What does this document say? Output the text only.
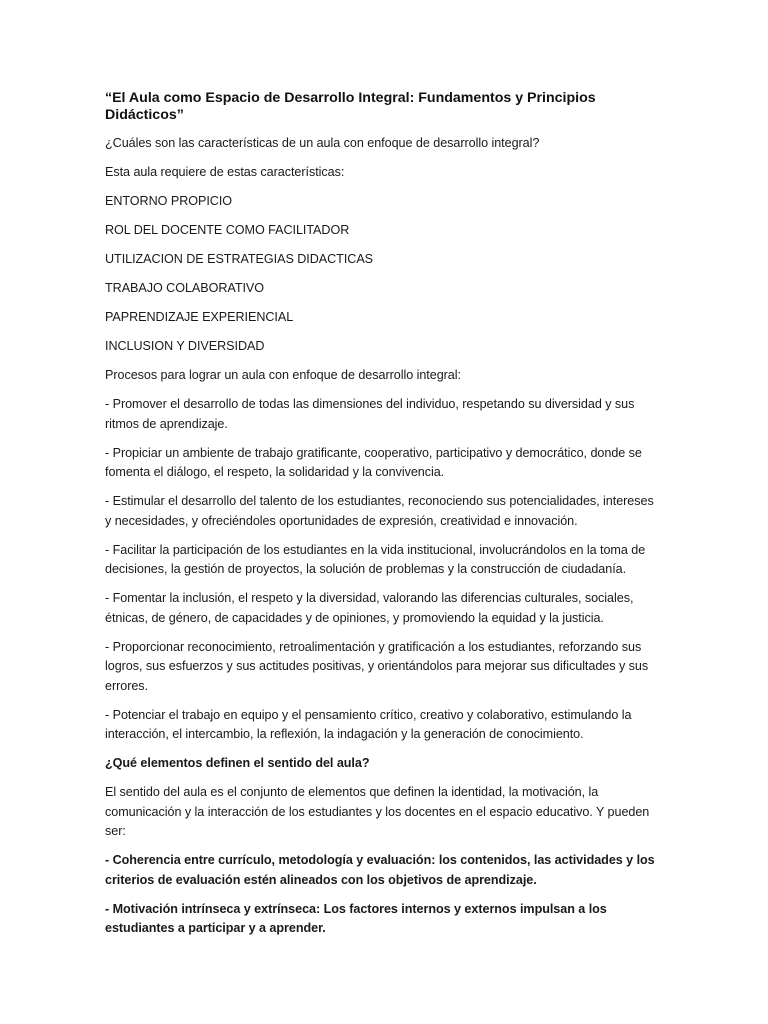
“El Aula como Espacio de Desarrollo Integral: Fundamentos y Principios Didácticos”

¿Cuáles son las características de un aula con enfoque de desarrollo integral?

Esta aula requiere de estas características:

ENTORNO PROPICIO

ROL DEL DOCENTE COMO FACILITADOR

UTILIZACION DE ESTRATEGIAS DIDACTICAS

TRABAJO COLABORATIVO

PAPRENDIZAJE EXPERIENCIAL

INCLUSION Y DIVERSIDAD

Procesos para lograr un aula con enfoque de desarrollo integral:

- Promover el desarrollo de todas las dimensiones del individuo, respetando su diversidad y sus ritmos de aprendizaje.

- Propiciar un ambiente de trabajo gratificante, cooperativo, participativo y democrático, donde se fomenta el diálogo, el respeto, la solidaridad y la convivencia.

- Estimular el desarrollo del talento de los estudiantes, reconociendo sus potencialidades, intereses y necesidades, y ofreciéndoles oportunidades de expresión, creatividad e innovación.

- Facilitar la participación de los estudiantes en la vida institucional, involucrándolos en la toma de decisiones, la gestión de proyectos, la solución de problemas y la construcción de ciudadanía.

- Fomentar la inclusión, el respeto y la diversidad, valorando las diferencias culturales, sociales, étnicas, de género, de capacidades y de opiniones, y promoviendo la equidad y la justicia.

- Proporcionar reconocimiento, retroalimentación y gratificación a los estudiantes, reforzando sus logros, sus esfuerzos y sus actitudes positivas, y orientándolos para mejorar sus dificultades y sus errores.

- Potenciar el trabajo en equipo y el pensamiento crítico, creativo y colaborativo, estimulando la interacción, el intercambio, la reflexión, la indagación y la generación de conocimiento.

¿Qué elementos definen el sentido del aula?

El sentido del aula es el conjunto de elementos que definen la identidad, la motivación, la comunicación y la interacción de los estudiantes y los docentes en el espacio educativo. Y pueden ser:

- Coherencia entre currículo, metodología y evaluación: los contenidos, las actividades y los criterios de evaluación estén alineados con los objetivos de aprendizaje.

- Motivación intrínseca y extrínseca: Los factores internos y externos impulsan a los estudiantes a participar y a aprender.
